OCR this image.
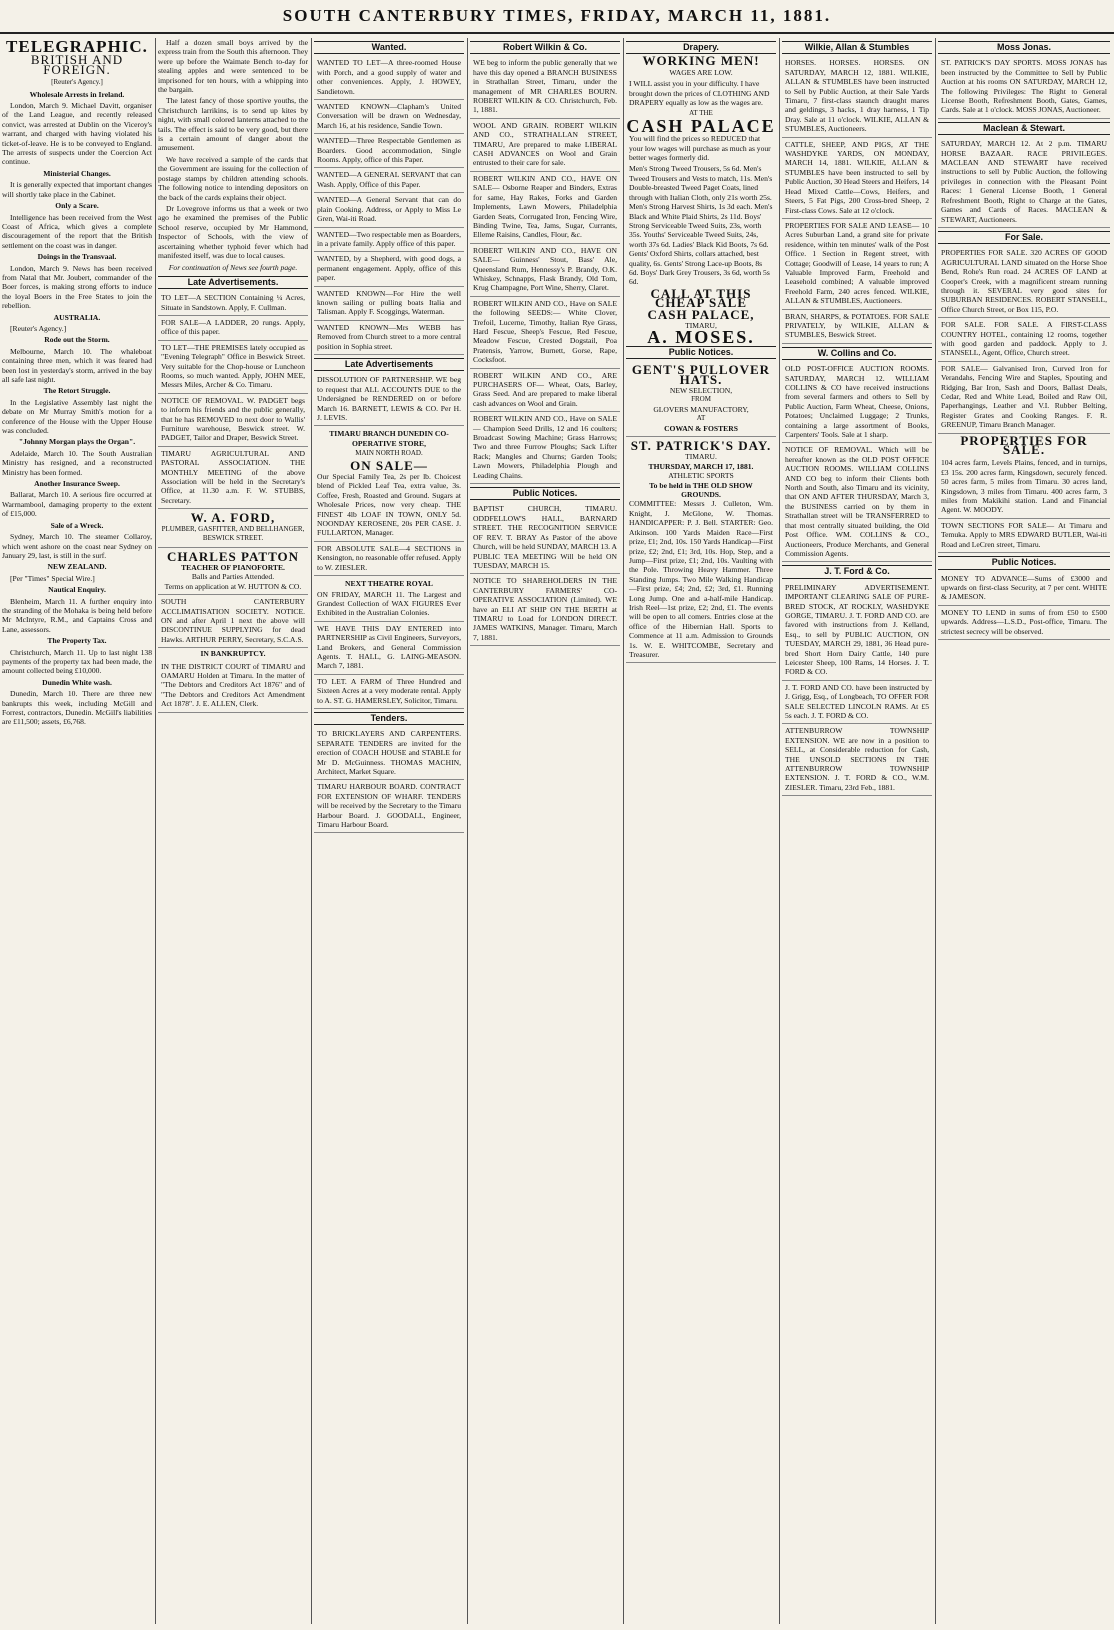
SOUTH CANTERBURY TIMES, FRIDAY, MARCH 11, 1881.
TELEGRAPHIC.
BRITISH AND FOREIGN.
[Reuter's Agency.]
Wholesale Arrests in Ireland.

London, March 9. Michael Davitt, organiser of the Land League, and recently released convict, was arrested at Dublin on the Viceroy's warrant, and charged with having violated his ticket-of-leave. He is to be conveyed to England. The arrests of suspects under the Coercion Act continue.

Ministerial Changes.

It is generally expected that important changes will shortly take place in the Cabinet.

Only a Scare.

Intelligence has been received from the West Coast of Africa, which gives a complete discouragement of the report that the British settlement on the coast was in danger.

Doings in the Transvaal.

London, March 9. News has been received from Natal that Mr. Joubert, commander of the Boer forces, is making strong efforts to induce the loyal Boers in the Free States to join the rebellion.

AUSTRALIA.

[Reuter's Agency.]

Rode out the Storm.

Melbourne, March 10. The whaleboat containing three men, which it was feared had been lost in yesterday's storm, arrived in the bay all safe last night.

The Retort Struggle.

In the Legislative Assembly last night the debate on Mr Murray Smith's motion for a conference of the House with the Upper House was concluded.

"Johnny Morgan plays the Organ".

Adelaide, March 10. The South Australian Ministry has resigned, and a reconstructed Ministry has been formed.

Another Insurance Sweep.

Ballarat, March 10. A serious fire occurred at Warrnambool, damaging property to the extent of £15,000.

Sale of a Wreck.

Sydney, March 10. The steamer Collaroy, which went ashore on the coast near Sydney on January 29, last, is still in the surf.

NEW ZEALAND.

[Per "Times" Special Wire.]

Nautical Enquiry.

Blenheim, March 11. A further enquiry into the stranding of the Mohaka is being held before Mr McIntyre, R.M., and Captains Cross and Lane, assessors.

The Property Tax.

Christchurch, March 11. Up to last night 138 payments of the property tax had been made, the amount collected being £10,000.

Dunedin White wash.

Dunedin, March 10. There are three new bankrupts this week, including McGill and Forrest, contractors, Dunedin. McGill's liabilities are £11,500; assets, £6,768.

Half a dozen small boys arrived by the express train from the South this afternoon. They were up before the Waimate Bench to-day for stealing apples and were sentenced to be imprisoned for ten hours, with a whipping into the bargain.

The latest fancy of those sportive youths, the Christchurch larrikins, is to send up kites by night, with small colored lanterns attached to the tails. The effect is said to be very good, but there is a certain amount of danger about the amusement.

We have received a sample of the cards that the Government are issuing for the collection of postage stamps by children attending schools. The following notice to intending depositors on the back of the cards explains their object.

Dr Lovegrove informs us that a week or two ago he examined the premises of the Public School reserve, occupied by Mr Hammond, Inspector of Schools, with the view of ascertaining whether typhoid fever which had manifested itself, was due to local causes.

For continuation of News see fourth page.
Late Advertisements.

TO LET—A SECTION Containing ¼ Acres, Situate in Sandstown. Apply, F. Cullman.

FOR SALE—A LADDER, 20 rungs. Apply, office of this paper.

TO LET—THE PREMISES lately occupied as "Evening Telegraph" Office in Beswick Street. Very suitable for the Chop-house or Luncheon Rooms, so much wanted. Apply, JOHN MEE, Messrs Miles, Archer & Co. Timaru.

NOTICE OF REMOVAL. W. PADGET begs to inform his friends and the public generally, that he has REMOVED to next door to Wallis' Furniture warehouse, Beswick street. W. PADGET, Tailor and Draper, Beswick Street.

TIMARU AGRICULTURAL AND PASTORAL ASSOCIATION. THE MONTHLY MEETING of the above Association will be held in the Secretary's Office, at 11.30 a.m. F. W. STUBBS, Secretary.

W. A. FORD,
PLUMBER, GASFITTER, AND BELLHANGER,
BESWICK STREET.
CHARLES PATTON
TEACHER OF PIANOFORTE.
Balls and Parties Attended.
Terms on application at W. HUTTON & CO.

SOUTH CANTERBURY ACCLIMATISATION SOCIETY. NOTICE. ON and after April 1 next the above will DISCONTINUE SUPPLYING for dead Hawks. ARTHUR PERRY, Secretary, S.C.A.S.

IN BANKRUPTCY.

IN THE DISTRICT COURT of TIMARU and OAMARU Holden at Timaru. In the matter of "The Debtors and Creditors Act 1876" and of "The Debtors and Creditors Act Amendment Act 1878". J. E. ALLEN, Clerk.

Wanted.

WANTED TO LET—A three-roomed House with Porch, and a good supply of water and other conveniences. Apply, J. HOWEY, Sandietown.

WANTED KNOWN—Clapham's United Conversation will be drawn on Wednesday, March 16, at his residence, Sandie Town.

WANTED—Three Respectable Gentlemen as Boarders. Good accommodation, Single Rooms. Apply, office of this Paper.

WANTED—A GENERAL SERVANT that can Wash. Apply, Office of this Paper.

WANTED—A General Servant that can do plain Cooking. Address, or Apply to Miss Le Gren, Wai-iti Road.

WANTED—Two respectable men as Boarders, in a private family. Apply office of this paper.

WANTED, by a Shepherd, with good dogs, a permanent engagement. Apply, office of this paper.

WANTED KNOWN—For Hire the well known sailing or pulling boats Italia and Talisman. Apply F. Scoggings, Waterman.

WANTED KNOWN—Mrs WEBB has Removed from Church street to a more central position in Sophia street.

Late Advertisements

DISSOLUTION OF PARTNERSHIP. WE beg to request that ALL ACCOUNTS DUE to the Undersigned be RENDERED on or before March 16. BARNETT, LEWIS & CO. Per H. J. LEVIS.

TIMARU BRANCH DUNEDIN CO-OPERATIVE STORE,
MAIN NORTH ROAD.
ON SALE—

Our Special Family Tea, 2s per lb. Choicest blend of Pickled Leaf Tea, extra value, 3s. Coffee, Fresh, Roasted and Ground. Sugars at Wholesale Prices, now very cheap. THE FINEST 4lb LOAF IN TOWN, ONLY 5d. NOONDAY KEROSENE, 20s PER CASE. J. FULLARTON, Manager.

FOR ABSOLUTE SALE—4 SECTIONS in Kensington, no reasonable offer refused. Apply to W. ZIESLER.

NEXT THEATRE ROYAL

ON FRIDAY, MARCH 11. The Largest and Grandest Collection of WAX FIGURES Ever Exhibited in the Australian Colonies.

WE HAVE THIS DAY ENTERED into PARTNERSHIP as Civil Engineers, Surveyors, Land Brokers, and General Commission Agents. T. HALL, G. LAING-MEASON. March 7, 1881.

TO LET. A FARM of Three Hundred and Sixteen Acres at a very moderate rental. Apply to A. ST. G. HAMERSLEY, Solicitor, Timaru.

Tenders.

TO BRICKLAYERS AND CARPENTERS. SEPARATE TENDERS are invited for the erection of COACH HOUSE and STABLE for Mr D. McGuinness. THOMAS MACHIN, Architect, Market Square.

TIMARU HARBOUR BOARD. CONTRACT FOR EXTENSION OF WHARF. TENDERS will be received by the Secretary to the Timaru Harbour Board. J. GOODALL, Engineer, Timaru Harbour Board.

Robert Wilkin & Co.

WE beg to inform the public generally that we have this day opened a BRANCH BUSINESS in Strathallan Street, Timaru, under the management of MR CHARLES BOURN. ROBERT WILKIN & CO. Christchurch, Feb. 1, 1881.

WOOL AND GRAIN. ROBERT WILKIN AND CO., STRATHALLAN STREET, TIMARU, Are prepared to make LIBERAL CASH ADVANCES on Wool and Grain entrusted to their care for sale.

ROBERT WILKIN AND CO., HAVE ON SALE— Osborne Reaper and Binders, Extras for same, Hay Rakes, Forks and Garden Implements, Lawn Mowers, Philadelphia Garden Seats, Corrugated Iron, Fencing Wire, Binding Twine, Tea, Jams, Sugar, Currants, Elleme Raisins, Candles, Flour, &c.

ROBERT WILKIN AND CO., HAVE ON SALE— Guinness' Stout, Bass' Ale, Queensland Rum, Hennessy's P. Brandy, O.K. Whiskey, Schnapps, Flask Brandy, Old Tom, Krug Champagne, Port Wine, Sherry, Claret.

ROBERT WILKIN AND CO., Have on SALE the following SEEDS:— White Clover, Trefoil, Lucerne, Timothy, Italian Rye Grass, Hard Fescue, Sheep's Fescue, Red Fescue, Meadow Fescue, Crested Dogstail, Poa Pratensis, Yarrow, Burnett, Gorse, Rape, Cocksfoot.

ROBERT WILKIN AND CO., ARE PURCHASERS OF— Wheat, Oats, Barley, Grass Seed. And are prepared to make liberal cash advances on Wool and Grain.

ROBERT WILKIN AND CO., Have on SALE— Champion Seed Drills, 12 and 16 coulters; Broadcast Sowing Machine; Grass Harrows; Two and three Furrow Ploughs; Sack Lifter Rack; Mangles and Churns; Garden Tools; Lawn Mowers, Philadelphia Plough and Leading Chains.

Public Notices.

BAPTIST CHURCH, TIMARU. ODDFELLOW'S HALL, BARNARD STREET. THE RECOGNITION SERVICE OF REV. T. BRAY As Pastor of the above Church, will be held SUNDAY, MARCH 13. A PUBLIC TEA MEETING Will be held ON TUESDAY, MARCH 15.

NOTICE TO SHAREHOLDERS IN THE CANTERBURY FARMERS' CO-OPERATIVE ASSOCIATION (Limited). WE have an ELI AT SHIP ON THE BERTH at TIMARU to Load for LONDON DIRECT. JAMES WATKINS, Manager. Timaru, March 7, 1881.

Drapery.
WORKING MEN!
WAGES ARE LOW.

I WILL assist you in your difficulty. I have brought down the prices of CLOTHING AND DRAPERY equally as low as the wages are.

AT THE
CASH PALACE

You will find the prices so REDUCED that your low wages will purchase as much as your better wages formerly did.

Men's Strong Tweed Trousers, 5s 6d. Men's Tweed Trousers and Vests to match, 11s. Men's Double-breasted Tweed Paget Coats, lined through with Italian Cloth, only 21s worth 25s. Men's Strong Harvest Shirts, 1s 3d each. Men's Black and White Plaid Shirts, 2s 11d. Boys' Strong Serviceable Tweed Suits, 23s, worth 35s. Youths' Serviceable Tweed Suits, 24s, worth 37s 6d. Ladies' Black Kid Boots, 7s 6d. Gents' Oxford Shirts, collars attached, best quality, 6s. Gents' Strong Lace-up Boots, 8s 6d. Boys' Dark Grey Trousers, 3s 6d, worth 5s 6d.

CALL AT THIS CHEAP SALE
CASH PALACE,
TIMARU,
A. MOSES.
Public Notices.
GENT'S PULLOVER HATS.
NEW SELECTION,
FROM
GLOVERS MANUFACTORY,
AT
COWAN & FOSTERS
ST. PATRICK'S DAY.
TIMARU.
THURSDAY, MARCH 17, 1881.
ATHLETIC SPORTS
To be held in THE OLD SHOW GROUNDS.

COMMITTEE: Messrs J. Culleton, Wm. Knight, J. McGlone, W. Thomas. HANDICAPPER: P. J. Bell. STARTER: Geo. Atkinson. 100 Yards Maiden Race—First prize, £1; 2nd, 10s. 150 Yards Handicap—First prize, £2; 2nd, £1; 3rd, 10s. Hop, Step, and a Jump—First prize, £1; 2nd, 10s. Vaulting with the Pole. Throwing Heavy Hammer. Three Standing Jumps. Two Mile Walking Handicap—First prize, £4; 2nd, £2; 3rd, £1. Running Long Jump. One and a-half-mile Handicap. Irish Reel—1st prize, £2; 2nd, £1. The events will be open to all comers. Entries close at the office of the Hibernian Hall. Sports to Commence at 11 a.m. Admission to Grounds 1s. W. E. WHITCOMBE, Secretary and Treasurer.

Wilkie, Allan & Stumbles

HORSES. HORSES. HORSES. ON SATURDAY, MARCH 12, 1881. WILKIE, ALLAN & STUMBLES have been instructed to Sell by Public Auction, at their Sale Yards Timaru, 7 first-class staunch draught mares and geldings, 3 hacks, 1 dray harness, 1 Tip Dray. Sale at 11 o'clock. WILKIE, ALLAN & STUMBLES, Auctioneers.

CATTLE, SHEEP, AND PIGS, AT THE WASHDYKE YARDS, ON MONDAY, MARCH 14, 1881. WILKIE, ALLAN & STUMBLES have been instructed to sell by Public Auction, 30 Head Steers and Heifers, 14 Head Mixed Cattle—Cows, Heifers, and Steers, 5 Fat Pigs, 200 Cross-bred Sheep, 2 First-class Cows. Sale at 12 o'clock.

PROPERTIES FOR SALE AND LEASE— 10 Acres Suburban Land, a grand site for private residence, within ten minutes' walk of the Post Office. 1 Section in Regent street, with Cottage; Goodwill of Lease, 14 years to run; A Valuable Improved Farm, Freehold and Leasehold combined; A valuable improved Freehold Farm, 240 acres fenced. WILKIE, ALLAN & STUMBLES, Auctioneers.

BRAN, SHARPS, & POTATOES. FOR SALE PRIVATELY, by WILKIE, ALLAN & STUMBLES, Beswick Street.

W. Collins and Co.

OLD POST-OFFICE AUCTION ROOMS. SATURDAY, MARCH 12. WILLIAM COLLINS & CO have received instructions from several farmers and others to Sell by Public Auction, Farm Wheat, Cheese, Onions, Potatoes; Unclaimed Luggage; 2 Trunks, containing a large assortment of Books, Carpenters' Tools. Sale at 1 sharp.

NOTICE OF REMOVAL. Which will be hereafter known as the OLD POST OFFICE AUCTION ROOMS. WILLIAM COLLINS AND CO beg to inform their Clients both North and South, also Timaru and its vicinity, that ON AND AFTER THURSDAY, March 3, the BUSINESS carried on by them in Strathallan street will be TRANSFERRED to that most centrally situated building, the Old Post Office. WM. COLLINS & CO., Auctioneers, Produce Merchants, and General Commission Agents.

J. T. Ford & Co.

PRELIMINARY ADVERTISEMENT. IMPORTANT CLEARING SALE OF PURE-BRED STOCK, AT ROCKLY, WASHDYKE GORGE, TIMARU. J. T. FORD AND CO. are favored with instructions from J. Kelland, Esq., to sell by PUBLIC AUCTION, ON TUESDAY, MARCH 29, 1881, 36 Head pure-bred Short Horn Dairy Cattle, 140 pure Leicester Sheep, 100 Rams, 14 Horses. J. T. FORD & CO.

J. T. FORD AND CO. have been instructed by J. Grigg, Esq., of Longbeach, TO OFFER FOR SALE SELECTED LINCOLN RAMS. At £5 5s each. J. T. FORD & CO.

ATTENBURROW TOWNSHIP EXTENSION. WE are now in a position to SELL, at Considerable reduction for Cash, THE UNSOLD SECTIONS IN THE ATTENBURROW TOWNSHIP EXTENSION. J. T. FORD & CO., W.M. ZIESLER. Timaru, 23rd Feb., 1881.

Moss Jonas.

ST. PATRICK'S DAY SPORTS. MOSS JONAS has been instructed by the Committee to Sell by Public Auction at his rooms ON SATURDAY, MARCH 12, The following Privileges: The Right to General License Booth, Refreshment Booth, Gates, Games, Cards. Sale at 1 o'clock. MOSS JONAS, Auctioneer.

Maclean & Stewart.

SATURDAY, MARCH 12. At 2 p.m. TIMARU HORSE BAZAAR. RACE PRIVILEGES. MACLEAN AND STEWART have received instructions to sell by Public Auction, the following privileges in connection with the Pleasant Point Races: 1 General License Booth, 1 General Refreshment Booth, Right to Charge at the Gates, Games and Cards of Races. MACLEAN & STEWART, Auctioneers.

For Sale.

PROPERTIES FOR SALE. 320 ACRES OF GOOD AGRICULTURAL LAND situated on the Horse Shoe Bend, Rohe's Run road. 24 ACRES OF LAND at Cooper's Creek, with a magnificent stream running through it. SEVERAL very good sites for SUBURBAN RESIDENCES. ROBERT STANSELL, Office Church Street, or Box 115, P.O.

FOR SALE. FOR SALE. A FIRST-CLASS COUNTRY HOTEL, containing 12 rooms, together with good garden and paddock. Apply to J. STANSELL, Agent, Office, Church street.

FOR SALE— Galvanised Iron, Curved Iron for Verandahs, Fencing Wire and Staples, Spouting and Ridging, Bar Iron, Sash and Doors, Ballast Deals, Cedar, Red and White Lead, Boiled and Raw Oil, Paperhangings, Leather and V.I. Rubber Belting, Register Grates and Cooking Ranges. F. R. GREENUP, Timaru Branch Manager.

PROPERTIES FOR SALE.

104 acres farm, Levels Plains, fenced, and in turnips, £3 15s. 200 acres farm, Kingsdown, securely fenced. 50 acres farm, 5 miles from Timaru. 30 acres land, Kingsdown, 3 miles from Timaru. 400 acres farm, 3 miles from Makikihi station. Land and Financial Agent. W. MOODY.

TOWN SECTIONS FOR SALE— At Timaru and Temuka. Apply to MRS EDWARD BUTLER, Wai-iti Road and LeCren street, Timaru.

Public Notices.

MONEY TO ADVANCE—Sums of £3000 and upwards on first-class Security, at 7 per cent. WHITE & JAMESON.

MONEY TO LEND in sums of from £50 to £500 upwards. Address—L.S.D., Post-office, Timaru. The strictest secrecy will be observed.
